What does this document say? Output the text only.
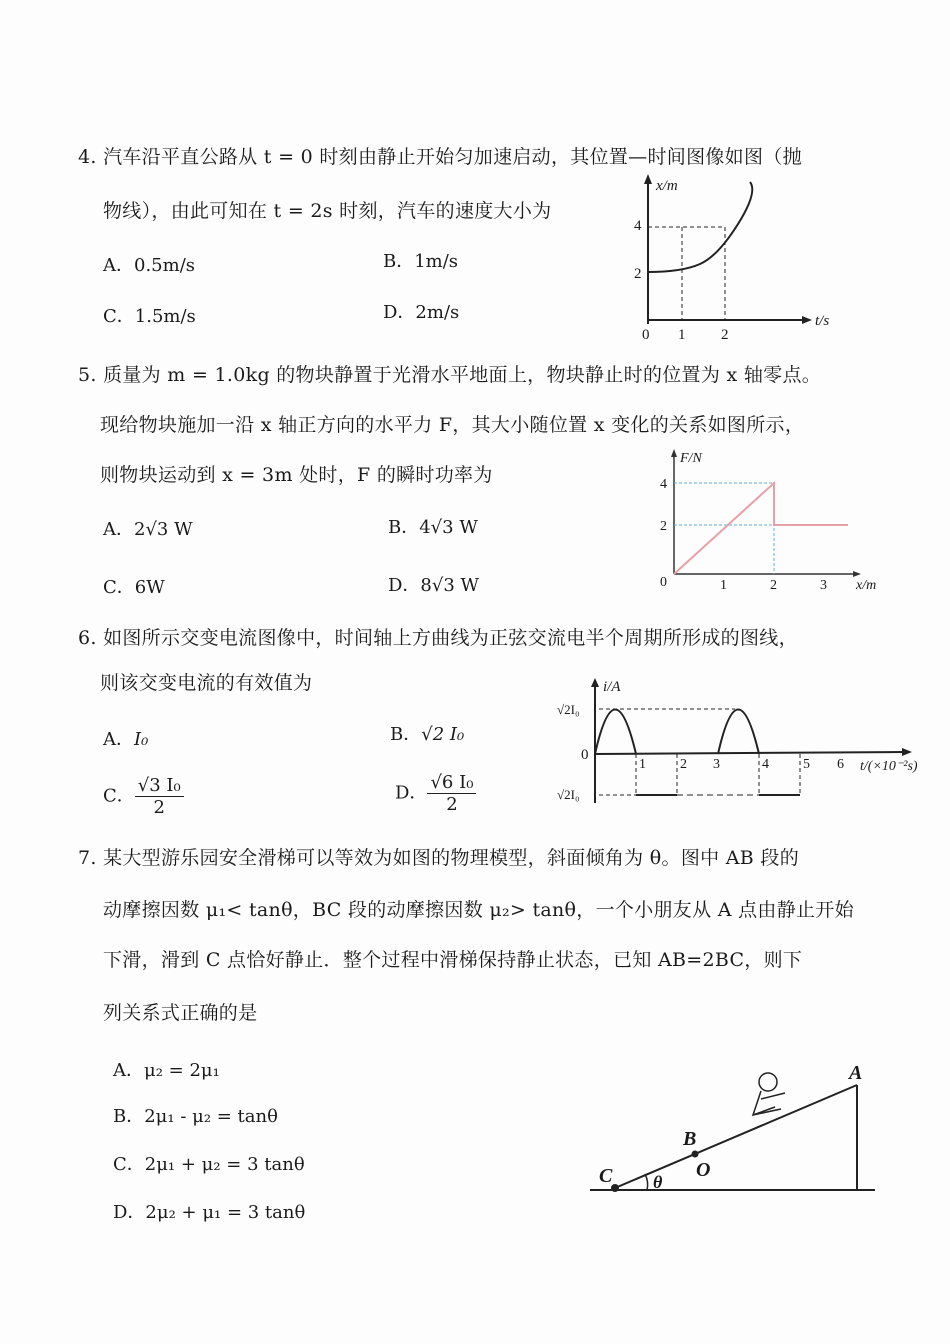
4. 汽车沿平直公路从 t = 0 时刻由静止开始匀加速启动，其位置—时间图像如图（抛
物线），由此可知在 t = 2s 时刻，汽车的速度大小为
A．0.5m/s	B．1m/s
C．1.5m/s	D．2m/s
x/m
4
2
0 1 2
t/s
5. 质量为 m = 1.0kg 的物块静置于光滑水平地面上，物块静止时的位置为 x 轴零点。
现给物块施加一沿 x 轴正方向的水平力 F，其大小随位置 x 变化的关系如图所示，
则物块运动到 x = 3m 处时，F 的瞬时功率为
A．2√3 W	B．4√3 W
C．6W	D．8√3 W
F/N
4
2
0	1	2	3 x/m
6. 如图所示交变电流图像中，时间轴上方曲线为正弦交流电半个周期所形成的图线，
则该交变电流的有效值为
A．I₀	B．√2 I₀
C． $\frac{\text{√3 I₀}}{2}$	D． $\frac{\text{√6 I₀}}{2}$
i/A
√2I₀
0
√2I₀
1 2 3	4 5 6 t/(×10⁻²s)
7. 某大型游乐园安全滑梯可以等效为如图的物理模型，斜面倾角为 θ。图中 AB 段的
动摩擦因数 μ₁< tanθ，BC 段的动摩擦因数 μ₂> tanθ，一个小朋友从 A 点由静止开始
下滑，滑到 C 点恰好静止．整个过程中滑梯保持静止状态，已知 AB=2BC，则下
列关系式正确的是
A．μ₂ = 2μ₁
B．2μ₁ - μ₂ = tanθ
C．2μ₁ + μ₂ = 3 tanθ
D．2μ₂ + μ₁ = 3 tanθ
A
B
C	O
θ
